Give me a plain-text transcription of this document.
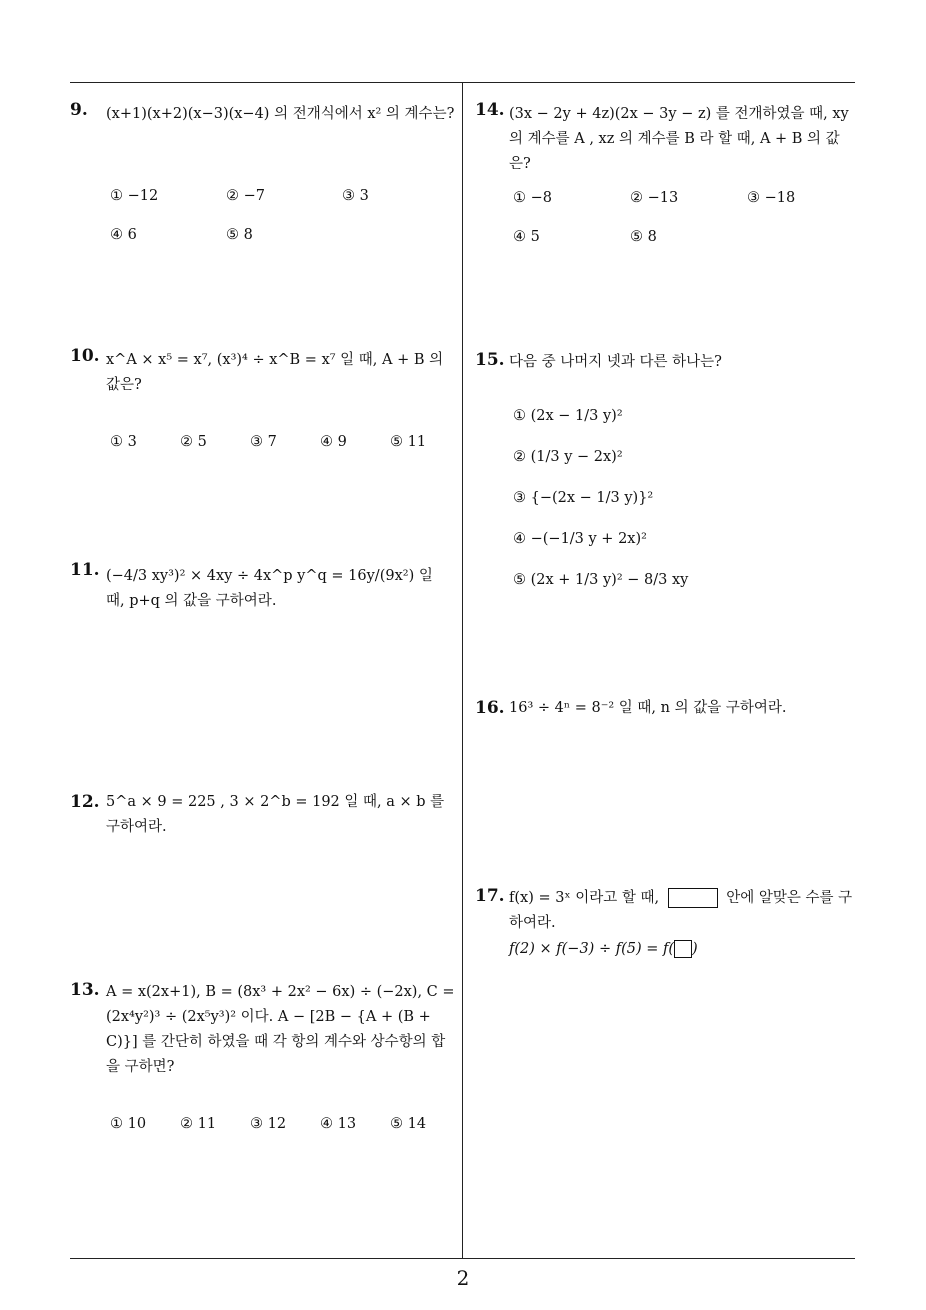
9. (x+1)(x+2)(x−3)(x−4) 의 전개식에서 x² 의 계수는?
① −12	② −7	③ 3
④ 6	⑤ 8
10. x^A × x⁵ = x⁷, (x³)⁴ ÷ x^B = x⁷ 일 때, A + B 의 값은?
① 3	② 5	③ 7	④ 9	⑤ 11
11. (−4/3 xy³)² × 4xy ÷ 4x^p y^q = 16y/(9x²) 일 때, p+q 의 값을 구하여라.
12. 5^a × 9 = 225 , 3 × 2^b = 192 일 때, a × b 를 구하여라.
13. A = x(2x+1), B = (8x³ + 2x² − 6x) ÷ (−2x), C = (2x⁴y²)³ ÷ (2x⁵y³)² 이다. A − [2B − {A + (B + C)}] 를 간단히 하였을 때 각 항의 계수와 상수항의 합을 구하면?
① 10 ② 11 ③ 12 ④ 13 ⑤ 14
14. (3x − 2y + 4z)(2x − 3y − z) 를 전개하였을 때, xy 의 계수를 A , xz 의 계수를 B 라 할 때, A + B 의 값은?
① −8	② −13	③ −18
④ 5	⑤ 8
15. 다음 중 나머지 넷과 다른 하나는?
① (2x − 1/3 y)²
② (1/3 y − 2x)²
③ {−(2x − 1/3 y)}²
④ −(−1/3 y + 2x)²
⑤ (2x + 1/3 y)² − 8/3 xy
16. 16³ ÷ 4ⁿ = 8⁻² 일 때, n 의 값을 구하여라.
17. f(x) = 3ˣ 이라고 할 때,	안에 알맞은 수를 구하여라.
f(2) × f(−3) ÷ f(5) = f( )
2
